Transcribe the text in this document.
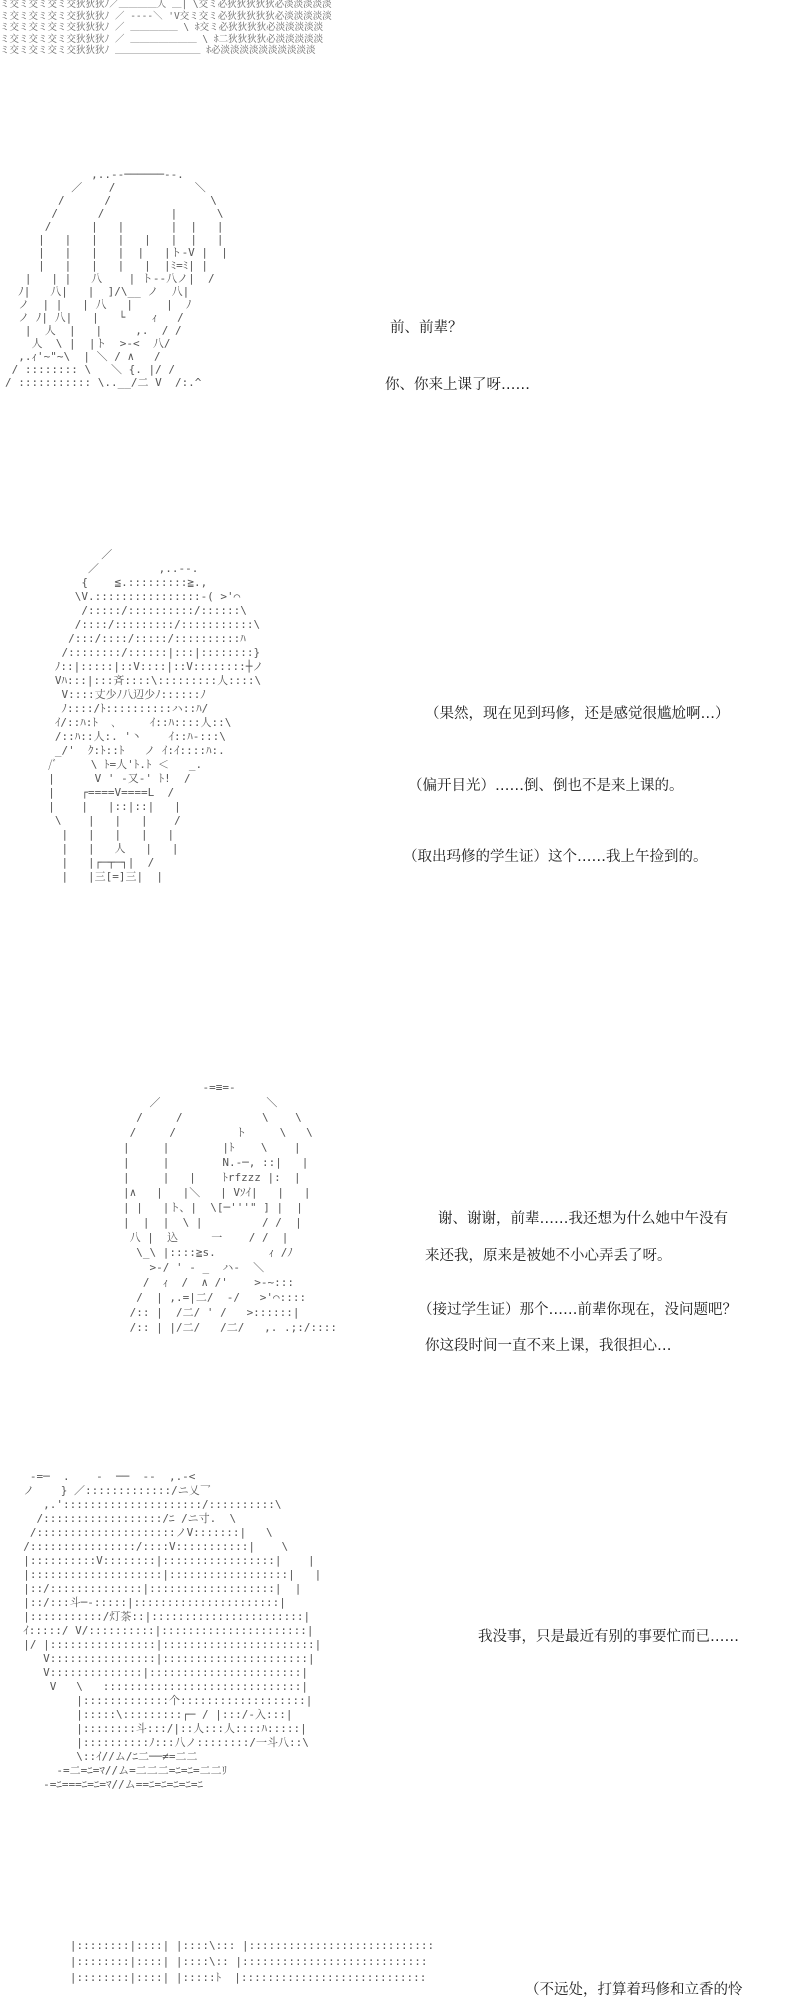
ミ交ミ交ミ交ミ交狄狄狄ﾉ／＿＿＿＿人 ＿| \交ミ必狄狄狄狄狄必淡淡淡淡淡
ミ交ミ交ミ交ミ交狄狄狄ﾉ ／ ----＼ 'V交ミ交ミ必狄狄狄狄狄必淡淡淡淡淡
ミ交ミ交ミ交ミ交狄狄狄ﾉ ／ ＿＿＿＿＿ \ ﾎ交ミ必狄狄狄狄必淡淡淡淡淡
ミ交ミ交ミ交ミ交狄狄狄ﾉ ／ ＿＿＿＿＿＿＿ \ ﾎ二狄狄狄狄必淡淡淡淡淡
ミ交ミ交ミ交ミ交狄狄狄ﾉ ＿＿＿＿＿＿＿＿＿ ﾎ必淡淡淡淡淡淡淡淡淡淡
,..--──────‐-.
／    /            ＼
/      /               \
/      /          |      \
/      |   |       |  |   |
|   |   |   |   |   |  |   |
|   |   |   |  |   |ト-V |  |
|   |   |   |   |  |ﾐ=ﾐ| |
|   | |   八    | ト--八ノ|  /
ﾉ|   八|   |  ]/\__ ノ  八|
ノ  | |   | 八   |     |  ﾉ
ノ ﾉ| 八|   |   └    ｨ   /
|  人  |   |     ,.  / /
人  \ |  |ト  >-<  八/
,.ｨ'~"~\  | ＼ / ∧   /
/ :::::::: \   ＼ {. |/ /
/ ::::::::::: \..__/二 V  /:.^
前、前辈？
你、你来上课了呀……
／
／         ,..-‐.
{    ≦.:::::::::≧.,
\V.::::::::::::::::-( >'⌒
/:::::/::::::::::/::::::\
/::::/:::::::::/:::::::::::\
/:::/::::/:::::/::::::::::ﾊ
/::::::::/::::::|:::|::::::::}
ﾉ::|:::::|::V::::|::V::::::::┼ノ
Vﾊ:::|:::斉::::\:::::::::人::::\
V::::丈少ﾉ八辺少ﾉ::::::ﾉ
ﾉ::::/ﾄ::::::::::ハ::ﾊ/
ｲ/::ﾊ:ﾄ  ､     ｲ::ﾊ::::人::\
/::ﾊ::人:. '丶    ｲ::ﾊ-:::\
_/'  ｸ:ﾄ::ﾄ   ノ ｲ:ｲ::::ﾊ:.
/ﾞ     \ ﾄ=人'ﾄ.ﾄ ＜   _.
|      V ' -又-' ﾄ!  /
|    ┌====V====L  /
|    |   |::|::|   |
\    |   |   |    /
|   |   |   |   |
|   |   人   |   |
|   |┌─┬─┐|  /
|   |三[=]三|  |
（果然，现在见到玛修，还是感觉很尴尬啊…）
（偏开目光）……倒、倒也不是来上课的。
（取出玛修的学生证）这个……我上午捡到的。
-=≡=-
／                ＼
/     /            \    \
/     /         ト     \   \
|     |        |ﾄ    \    |
|     |        N.-─, ::|   |
|     |   |    ﾄrfzzz |:  |
|∧   |   |＼   | Vｿｲ|   |   |
| |   |ト、|  \[─'''" ] |  |
|  |  |  \ |         / /  |
八 |  込     一    / /  |
\_\ |::::≧s.        ｨ /ﾉ
>-/ ' ‐ _  ハ‐  ＼
/  ｨ  /  ∧ /'    >‐~:::
/  | ,.=|二/  ‐/   >'⌒::::
/:: |  /二/ ' /   >::::::|
/:: | |/二/   /二/   ,. .;:/::::
谢、谢谢，前辈……我还想为什么她中午没有
来还我，原来是被她不小心弄丢了呀。
（接过学生证）那个……前辈你现在，没问题吧？
你这段时间一直不来上课，我很担心…
-=─  .    -  ──  --  ,.-<
ノ    } ／:::::::::::::/ニ乂乛
,.':::::::::::::::::::::/::::::::::\
/::::::::::::::::::/ﾆ /ニ寸.  \
/:::::::::::::::::::::ノV:::::::|   \
/::::::::::::::::/::::V:::::::::::|    \
|::::::::::V::::::::|:::::::::::::::::|    |
|::::::::::::::::::::|::::::::::::::::::|   |
|::/::::::::::::::|:::::::::::::::::::|  |
|::/:::斗─-:::::|::::::::::::::::::::::|
|:::::::::::/灯茶::|:::::::::::::::::::::::|
ｲ:::::/ V/::::::::::|::::::::::::::::::::::|
|/ |::::::::::::::::|:::::::::::::::::::::::|
V::::::::::::::::|::::::::::::::::::::::|
V::::::::::::::|:::::::::::::::::::::::|
V   \   ::::::::::::::::::::::::::::::|
|:::::::::::::个:::::::::::::::::::|
|:::::\:::::::::┌─ / |:::/-入:::|
|::::::::斗:::/|::人:::人::::ﾊ:::::|
|::::::::::ﾉ:::八ノ::::::::/一斗八::\
\::ｲ//ム/ﾆ二──≠=二二
-=二=ﾆ=ﾏ//ム=二二二=ﾆ=ﾆ=二二ﾘ
-=ﾆ===ﾆ=ﾆ=ﾏ//ム==ﾆ=ﾆ=ﾆ=ﾆ=ﾆ
我没事，只是最近有别的事要忙而已……
|::::::::|::::| |::::\::: |::::::::::::::::::::::::::::
|::::::::|::::| |::::\:: |::::::::::::::::::::::::::::
|::::::::|::::| |:::::ﾄ  |::::::::::::::::::::::::::::
（不远处，打算着玛修和立香的怜
